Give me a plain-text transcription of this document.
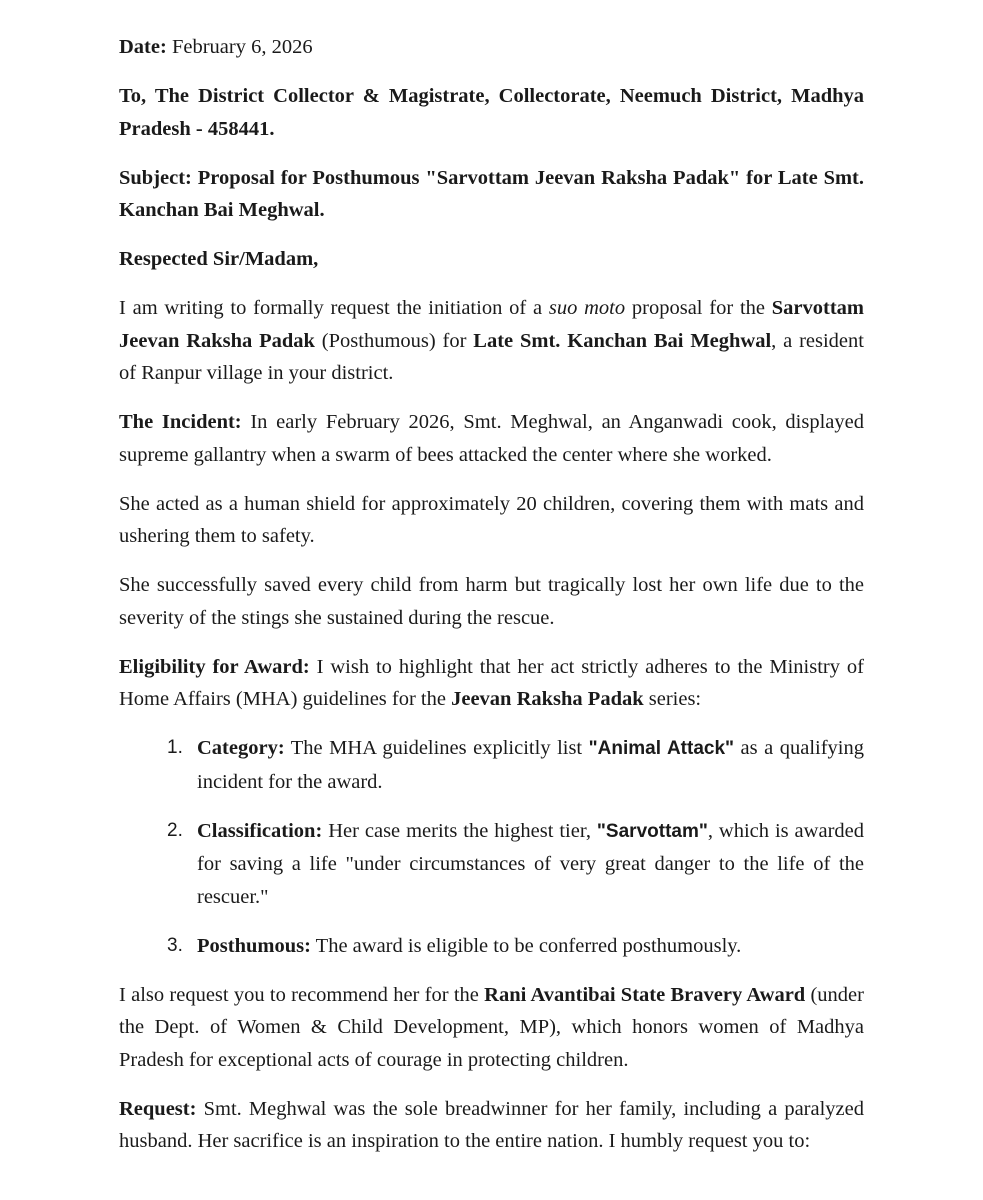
Date: February 6, 2026

To, The District Collector & Magistrate, Collectorate, Neemuch District, Madhya Pradesh - 458441.

Subject: Proposal for Posthumous "Sarvottam Jeevan Raksha Padak" for Late Smt. Kanchan Bai Meghwal.

Respected Sir/Madam,

I am writing to formally request the initiation of a suo moto proposal for the Sarvottam Jeevan Raksha Padak (Posthumous) for Late Smt. Kanchan Bai Meghwal, a resident of Ranpur village in your district.

The Incident: In early February 2026, Smt. Meghwal, an Anganwadi cook, displayed supreme gallantry when a swarm of bees attacked the center where she worked.

She acted as a human shield for approximately 20 children, covering them with mats and ushering them to safety.

She successfully saved every child from harm but tragically lost her own life due to the severity of the stings she sustained during the rescue.

Eligibility for Award: I wish to highlight that her act strictly adheres to the Ministry of Home Affairs (MHA) guidelines for the Jeevan Raksha Padak series:

1. Category: The MHA guidelines explicitly list "Animal Attack" as a qualifying incident for the award.
2. Classification: Her case merits the highest tier, "Sarvottam", which is awarded for saving a life "under circumstances of very great danger to the life of the rescuer."
3. Posthumous: The award is eligible to be conferred posthumously.

I also request you to recommend her for the Rani Avantibai State Bravery Award (under the Dept. of Women & Child Development, MP), which honors women of Madhya Pradesh for exceptional acts of courage in protecting children.

Request: Smt. Meghwal was the sole breadwinner for her family, including a paralyzed husband. Her sacrifice is an inspiration to the entire nation. I humbly request you to:
